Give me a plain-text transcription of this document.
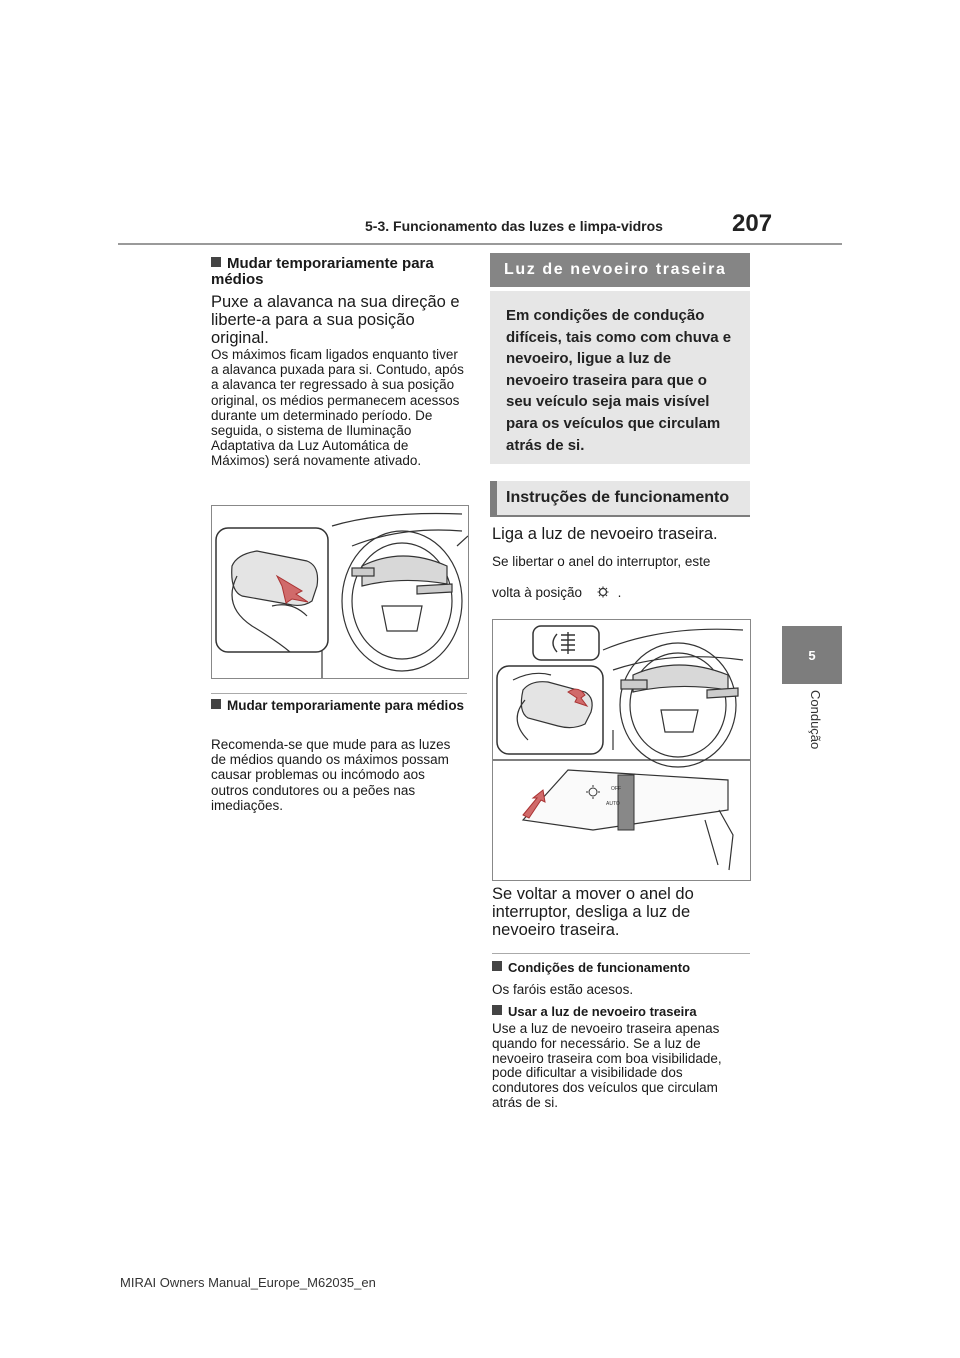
5-3. Funcionamento das luzes e limpa-vidros	207
5
Condução
Mudar temporariamente para médios
Puxe a alavanca na sua direção e liberte-a para a sua posição original.
Os máximos ficam ligados enquanto tiver a alavanca puxada para si. Contudo, após a alavanca ter regressado à sua posição original, os médios permanecem acessos durante um determinado período. De seguida, o sistema de Iluminação Adaptativa da Luz Automática de Máximos) será novamente ativado.
Mudar temporariamente para médios
Recomenda-se que mude para as luzes de médios quando os máximos possam causar problemas ou incómodo aos outros condutores ou a peões nas imediações.
Luz de nevoeiro traseira
Em condições de condução difíceis, tais como com chuva e nevoeiro, ligue a luz de nevoeiro traseira para que o seu veículo seja mais visível para os veículos que circulam atrás de si.
Instruções de funcionamento
Liga a luz de nevoeiro traseira.
Se libertar o anel do interruptor, este
volta à posição	.
OFF
AUTO
Se voltar a mover o anel do interruptor, desliga a luz de nevoeiro traseira.
Condições de funcionamento
Os faróis estão acesos.
Usar a luz de nevoeiro traseira
Use a luz de nevoeiro traseira apenas quando for necessário. Se a luz de nevoeiro traseira com boa visibilidade, pode dificultar a visibilidade dos condutores dos veículos que circulam atrás de si.
MIRAI Owners Manual_Europe_M62035_en
